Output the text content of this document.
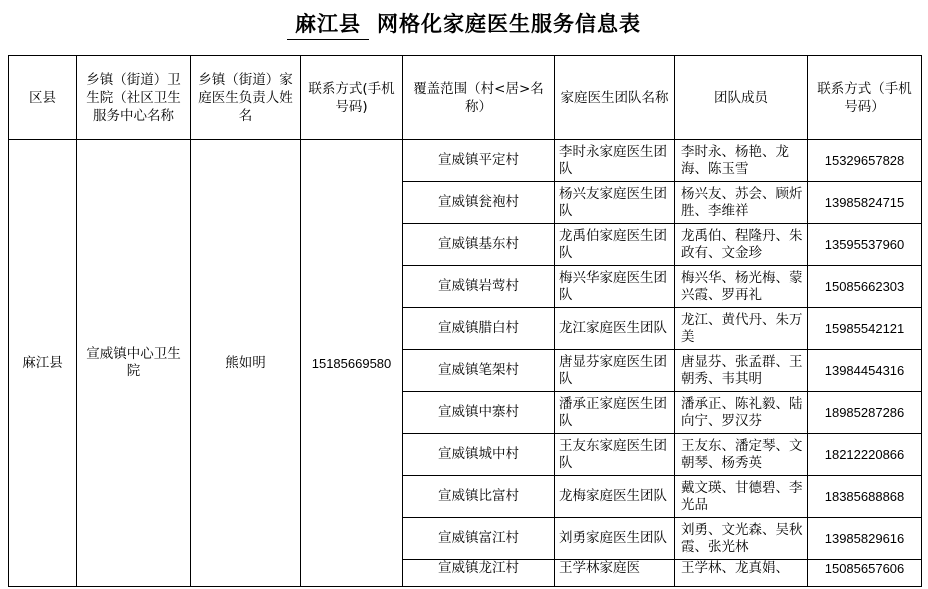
麻江县 网格化家庭医生服务信息表
区县	乡镇（街道）卫生院（社区卫生服务中心名称	乡镇（街道）家庭医生负责人姓名	联系方式(手机号码)	覆盖范围（村<居>名称）	家庭医生团队名称	团队成员	联系方式（手机号码）
麻江县	宣威镇中心卫生院	熊如明	15185669580	宣威镇平定村	李时永家庭医生团队	李时永、杨艳、龙海、陈玉雪	15329657828
				宣威镇瓮袍村	杨兴友家庭医生团队	杨兴友、苏会、顾炘胜、李维祥	13985824715
				宣威镇基东村	龙禹伯家庭医生团队	龙禹伯、程隆丹、朱政有、文金珍	13595537960
				宣威镇岩莺村	梅兴华家庭医生团队	梅兴华、杨光梅、蒙兴霞、罗再礼	15085662303
				宣威镇腊白村	龙江家庭医生团队	龙江、黄代丹、朱万美	15985542121
				宣威镇笔架村	唐显芬家庭医生团队	唐显芬、张孟群、王朝秀、韦其明	13984454316
				宣威镇中寨村	潘承正家庭医生团队	潘承正、陈礼毅、陆向宁、罗汉芬	18985287286
				宣威镇城中村	王友东家庭医生团队	王友东、潘定琴、文朝琴、杨秀英	18212220866
				宣威镇比富村	龙梅家庭医生团队	戴文瑛、甘德碧、李光品	18385688868
				宣威镇富江村	刘勇家庭医生团队	刘勇、文光森、吴秋霞、张光林	13985829616
				宣威镇龙江村	王学林家庭医	王学林、龙真娟、	15085657606
